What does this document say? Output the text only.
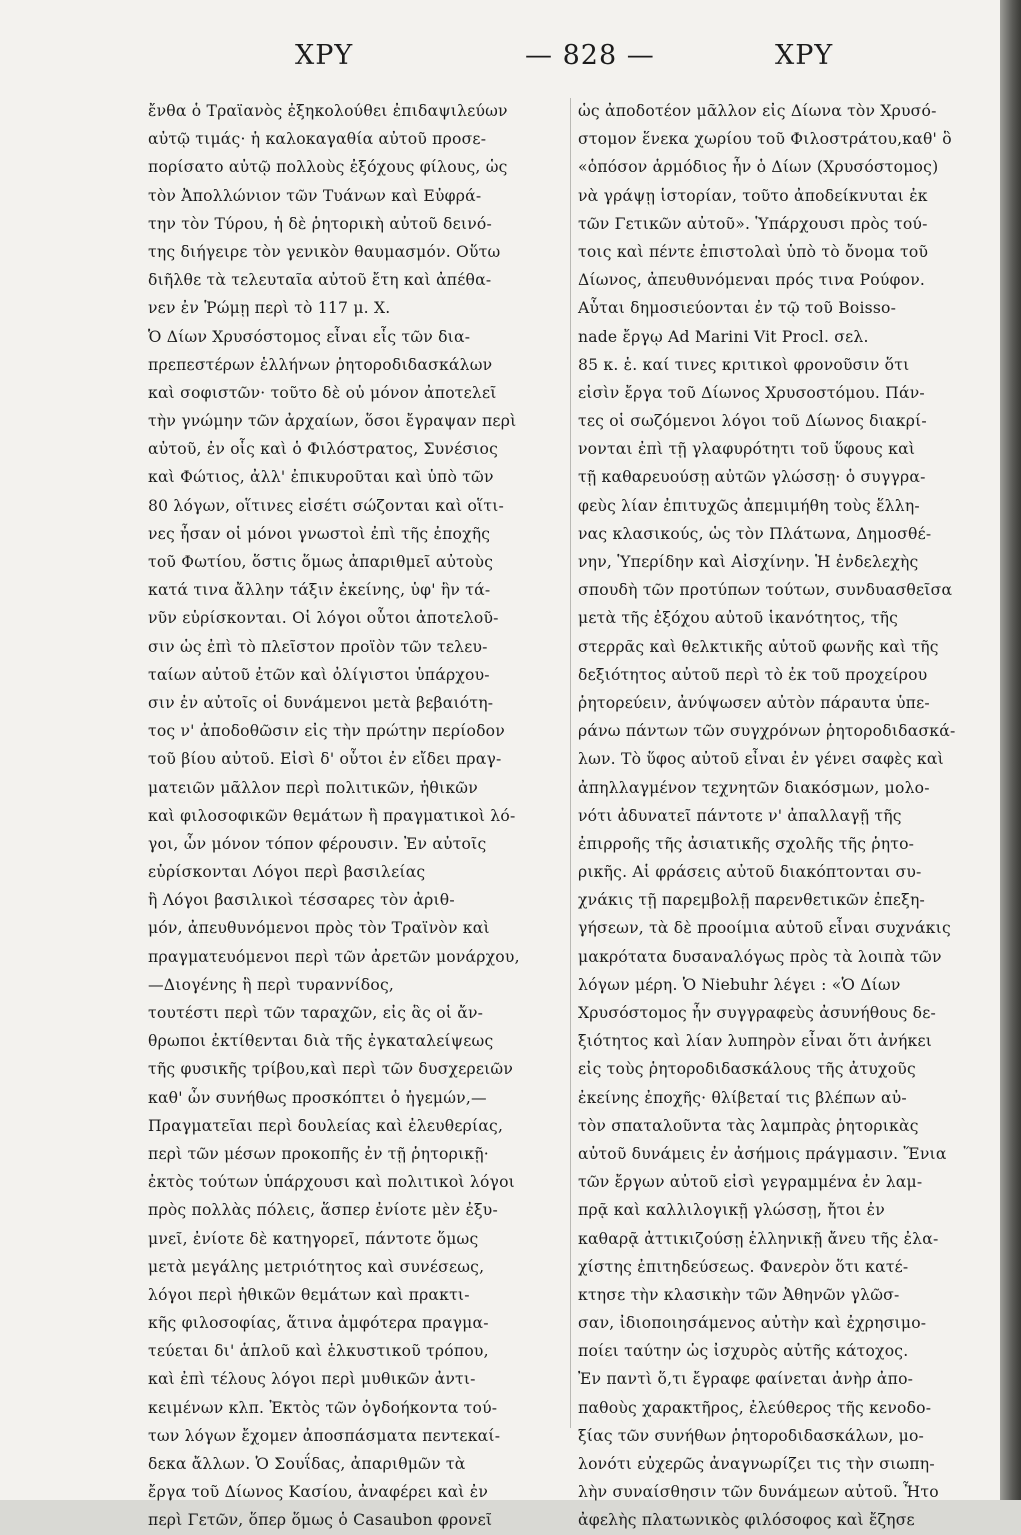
ΧΡΥ	— 828 —	ΧΡΥ
ἔνθα ὁ Τραϊανὸς ἐξηκολούθει ἐπιδαψιλεύων
αὐτῷ τιμάς· ἡ καλοκαγαθία αὐτοῦ προσε-
πορίσατο αὐτῷ πολλοὺς ἐξόχους φίλους, ὡς
τὸν Ἀπολλώνιον τῶν Τυάνων καὶ Εὐφρά-
την τὸν Τύρου, ἡ δὲ ῥητορικὴ αὐτοῦ δεινό-
της διήγειρε τὸν γενικὸν θαυμασμόν. Οὕτω
διῆλθε τὰ τελευταῖα αὐτοῦ ἔτη καὶ ἀπέθα-
νεν ἐν Ῥώμῃ περὶ τὸ 117 μ. Χ.
Ὁ Δίων Χρυσόστομος εἶναι εἷς τῶν δια-
πρεπεστέρων ἑλλήνων ῥητοροδιδασκάλων
καὶ σοφιστῶν· τοῦτο δὲ οὐ μόνον ἀποτελεῖ
τὴν γνώμην τῶν ἀρχαίων, ὅσοι ἔγραψαν περὶ
αὐτοῦ, ἐν οἷς καὶ ὁ Φιλόστρατος, Συνέσιος
καὶ Φώτιος, ἀλλ' ἐπικυροῦται καὶ ὑπὸ τῶν
80 λόγων, οἵτινες εἰσέτι σώζονται καὶ οἵτι-
νες ἦσαν οἱ μόνοι γνωστοὶ ἐπὶ τῆς ἐποχῆς
τοῦ Φωτίου, ὅστις ὅμως ἀπαριθμεῖ αὐτοὺς
κατά τινα ἄλλην τάξιν ἐκείνης, ὑφ' ἣν τά-
νῦν εὑρίσκονται. Οἱ λόγοι οὗτοι ἀποτελοῦ-
σιν ὡς ἐπὶ τὸ πλεῖστον προϊὸν τῶν τελευ-
ταίων αὐτοῦ ἐτῶν καὶ ὀλίγιστοι ὑπάρχου-
σιν ἐν αὐτοῖς οἱ δυνάμενοι μετὰ βεβαιότη-
τος ν' ἀποδοθῶσιν εἰς τὴν πρώτην περίοδον
τοῦ βίου αὐτοῦ. Εἰσὶ δ' οὗτοι ἐν εἴδει πραγ-
ματειῶν μᾶλλον περὶ πολιτικῶν, ἠθικῶν
καὶ φιλοσοφικῶν θεμάτων ἢ πραγματικοὶ λό-
γοι, ὧν μόνον τόπον φέρουσιν. Ἐν αὐτοῖς
εὑρίσκονται Λόγοι περὶ βασιλείας
ἢ Λόγοι βασιλικοὶ τέσσαρες τὸν ἀριθ-
μόν, ἀπευθυνόμενοι πρὸς τὸν Τραϊνὸν καὶ
πραγματευόμενοι περὶ τῶν ἀρετῶν μονάρχου,
—Διογένης ἢ περὶ τυραννίδος,
τουτέστι περὶ τῶν ταραχῶν, εἰς ἃς οἱ ἄν-
θρωποι ἐκτίθενται διὰ τῆς ἐγκαταλείψεως
τῆς φυσικῆς τρίβου,καὶ περὶ τῶν δυσχερειῶν
καθ' ὧν συνήθως προσκόπτει ὁ ἡγεμών,—
Πραγματεῖαι περὶ δουλείας καὶ ἐλευθερίας,
περὶ τῶν μέσων προκοπῆς ἐν τῇ ῥητορικῇ·
ἐκτὸς τούτων ὑπάρχουσι καὶ πολιτικοὶ λόγοι
πρὸς πολλὰς πόλεις, ἅσπερ ἐνίοτε μὲν ἐξυ-
μνεῖ, ἐνίοτε δὲ κατηγορεῖ, πάντοτε ὅμως
μετὰ μεγάλης μετριότητος καὶ συνέσεως,
λόγοι περὶ ἠθικῶν θεμάτων καὶ πρακτι-
κῆς φιλοσοφίας, ἅτινα ἀμφότερα πραγμα-
τεύεται δι' ἁπλοῦ καὶ ἑλκυστικοῦ τρόπου,
καὶ ἐπὶ τέλους λόγοι περὶ μυθικῶν ἀντι-
κειμένων κλπ. Ἐκτὸς τῶν ὀγδοήκοντα τού-
των λόγων ἔχομεν ἀποσπάσματα πεντεκαί-
δεκα ἄλλων. Ὁ Σουΐδας, ἀπαριθμῶν τὰ
ἔργα τοῦ Δίωνος Κασίου, ἀναφέρει καὶ ἐν
περὶ Γετῶν, ὅπερ ὅμως ὁ Casaubon φρονεῖ
ὡς ἀποδοτέον μᾶλλον εἰς Δίωνα τὸν Χρυσό-
στομον ἕνεκα χωρίου τοῦ Φιλοστράτου,καθ' ὃ
«ὁπόσον ἁρμόδιος ἦν ὁ Δίων (Χρυσόστομος)
νὰ γράψῃ ἱστορίαν, τοῦτο ἀποδείκνυται ἐκ
τῶν Γετικῶν αὐτοῦ». Ὑπάρχουσι πρὸς τού-
τοις καὶ πέντε ἐπιστολαὶ ὑπὸ τὸ ὄνομα τοῦ
Δίωνος, ἀπευθυνόμεναι πρός τινα Ρούφον.
Αὗται δημοσιεύονται ἐν τῷ τοῦ Boisso-
nade ἔργῳ Ad Marini Vit Procl. σελ.
85 κ. ἑ. καί τινες κριτικοὶ φρονοῦσιν ὅτι
εἰσὶν ἔργα τοῦ Δίωνος Χρυσοστόμου. Πάν-
τες οἱ σωζόμενοι λόγοι τοῦ Δίωνος διακρί-
νονται ἐπὶ τῇ γλαφυρότητι τοῦ ὕφους καὶ
τῇ καθαρευούσῃ αὐτῶν γλώσσῃ· ὁ συγγρα-
φεὺς λίαν ἐπιτυχῶς ἀπεμιμήθη τοὺς ἕλλη-
νας κλασικούς, ὡς τὸν Πλάτωνα, Δημοσθέ-
νην, Ὑπερίδην καὶ Αἰσχίνην. Ἡ ἐνδελεχὴς
σπουδὴ τῶν προτύπων τούτων, συνδυασθεῖσα
μετὰ τῆς ἐξόχου αὐτοῦ ἱκανότητος, τῆς
στερρᾶς καὶ θελκτικῆς αὐτοῦ φωνῆς καὶ τῆς
δεξιότητος αὐτοῦ περὶ τὸ ἐκ τοῦ προχείρου
ῥητορεύειν, ἀνύψωσεν αὐτὸν πάραυτα ὑπε-
ράνω πάντων τῶν συγχρόνων ῥητοροδιδασκά-
λων. Τὸ ὕφος αὐτοῦ εἶναι ἐν γένει σαφὲς καὶ
ἀπηλλαγμένον τεχνητῶν διακόσμων, μολο-
νότι ἀδυνατεῖ πάντοτε ν' ἀπαλλαγῇ τῆς
ἐπιρροῆς τῆς ἀσιατικῆς σχολῆς τῆς ῥητο-
ρικῆς. Αἱ φράσεις αὐτοῦ διακόπτονται συ-
χνάκις τῇ παρεμβολῇ παρενθετικῶν ἐπεξη-
γήσεων, τὰ δὲ προοίμια αὐτοῦ εἶναι συχνάκις
μακρότατα δυσαναλόγως πρὸς τὰ λοιπὰ τῶν
λόγων μέρη. Ὁ Niebuhr λέγει : «Ὁ Δίων
Χρυσόστομος ἦν συγγραφεὺς ἀσυνήθους δε-
ξιότητος καὶ λίαν λυπηρὸν εἶναι ὅτι ἀνήκει
εἰς τοὺς ῥητοροδιδασκάλους τῆς ἀτυχοῦς
ἐκείνης ἐποχῆς· θλίβεταί τις βλέπων αὐ-
τὸν σπαταλοῦντα τὰς λαμπρὰς ῥητορικὰς
αὐτοῦ δυνάμεις ἐν ἀσήμοις πράγμασιν. Ἕνια
τῶν ἔργων αὐτοῦ εἰσὶ γεγραμμένα ἐν λαμ-
πρᾷ καὶ καλλιλογικῇ γλώσσῃ, ἤτοι ἐν
καθαρᾷ ἀττικιζούσῃ ἑλληνικῇ ἄνευ τῆς ἐλα-
χίστης ἐπιτηδεύσεως. Φανερὸν ὅτι κατέ-
κτησε τὴν κλασικὴν τῶν Ἀθηνῶν γλῶσ-
σαν, ἰδιοποιησάμενος αὐτὴν καὶ ἐχρησιμο-
ποίει ταύτην ὡς ἰσχυρὸς αὐτῆς κάτοχος.
Ἐν παντὶ ὅ,τι ἔγραφε φαίνεται ἀνὴρ ἀπο-
παθοὺς χαρακτῆρος, ἐλεύθερος τῆς κενοδο-
ξίας τῶν συνήθων ῥητοροδιδασκάλων, μο-
λονότι εὐχερῶς ἀναγνωρίζει τις τὴν σιωπη-
λὴν συναίσθησιν τῶν δυνάμεων αὐτοῦ. Ἦτο
ἀφελὴς πλατωνικὸς φιλόσοφος καὶ ἔζησε
